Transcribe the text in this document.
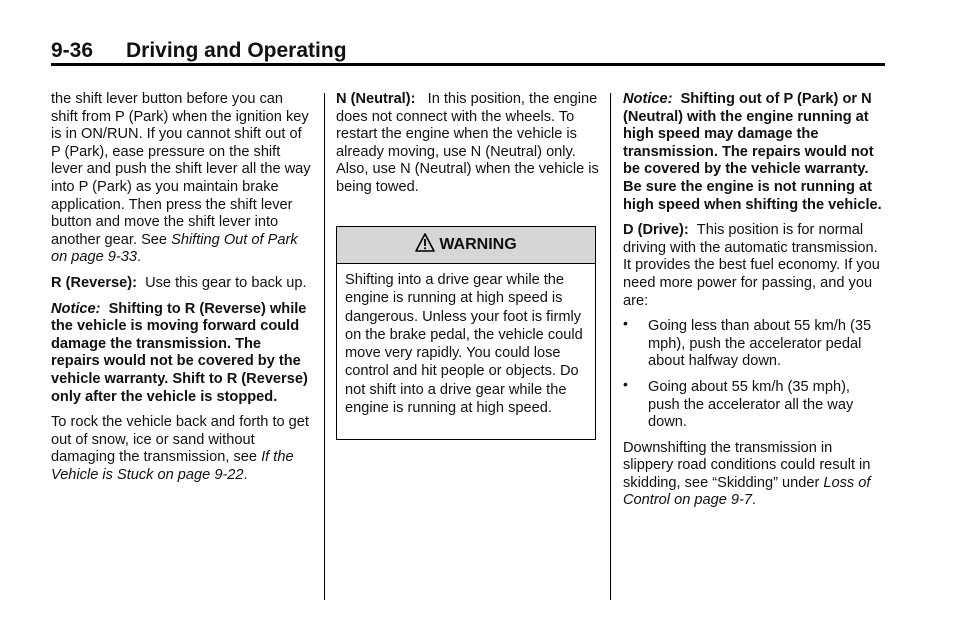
9-36 Driving and Operating

the shift lever button before you can shift from P (Park) when the ignition key is in ON/RUN. If you cannot shift out of P (Park), ease pressure on the shift lever and push the shift lever all the way into P (Park) as you maintain brake application. Then press the shift lever button and move the shift lever into another gear. See Shifting Out of Park on page 9-33.

R (Reverse): Use this gear to back up.

Notice: Shifting to R (Reverse) while the vehicle is moving forward could damage the transmission. The repairs would not be covered by the vehicle warranty. Shift to R (Reverse) only after the vehicle is stopped.

To rock the vehicle back and forth to get out of snow, ice or sand without damaging the transmission, see If the Vehicle is Stuck on page 9-22.

N (Neutral): In this position, the engine does not connect with the wheels. To restart the engine when the vehicle is already moving, use N (Neutral) only. Also, use N (Neutral) when the vehicle is being towed.

WARNING
Shifting into a drive gear while the engine is running at high speed is dangerous. Unless your foot is firmly on the brake pedal, the vehicle could move very rapidly. You could lose control and hit people or objects. Do not shift into a drive gear while the engine is running at high speed.

Notice: Shifting out of P (Park) or N (Neutral) with the engine running at high speed may damage the transmission. The repairs would not be covered by the vehicle warranty. Be sure the engine is not running at high speed when shifting the vehicle.

D (Drive): This position is for normal driving with the automatic transmission. It provides the best fuel economy. If you need more power for passing, and you are:

• Going less than about 55 km/h (35 mph), push the accelerator pedal about halfway down.
• Going about 55 km/h (35 mph), push the accelerator all the way down.

Downshifting the transmission in slippery road conditions could result in skidding, see “Skidding” under Loss of Control on page 9-7.
